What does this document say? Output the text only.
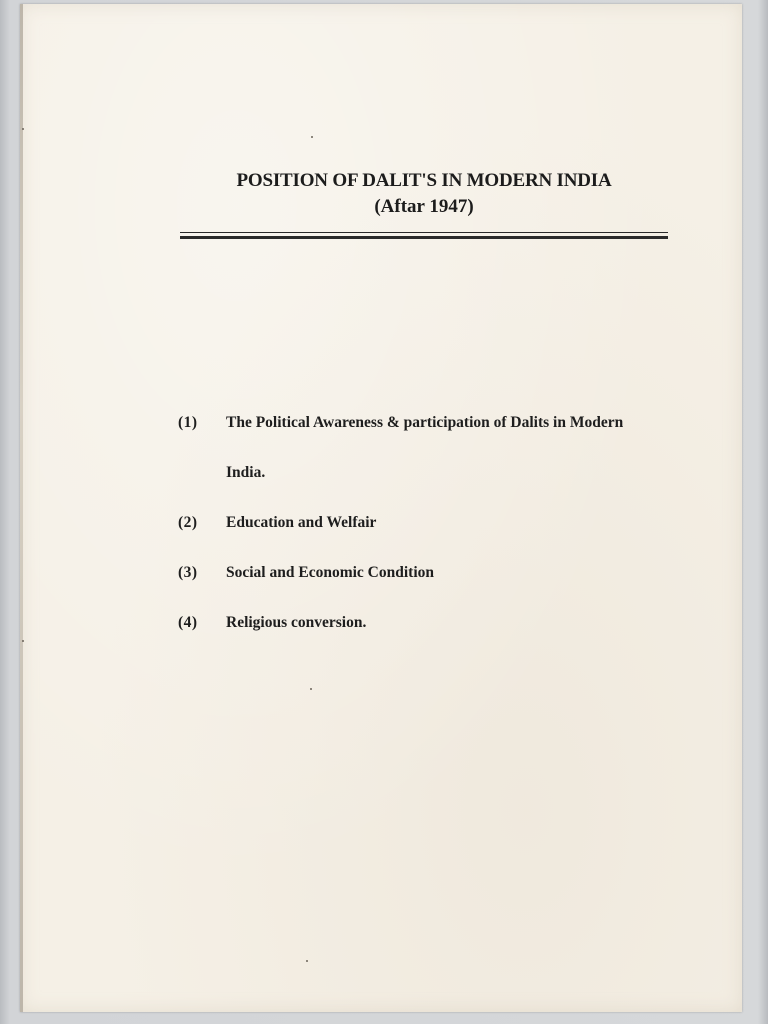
POSITION OF DALIT'S IN MODERN INDIA
(Aftar 1947)
(1) The Political Awareness & participation of Dalits in Modern
India.
(2) Education and Welfair
(3) Social and Economic Condition
(4) Religious conversion.
